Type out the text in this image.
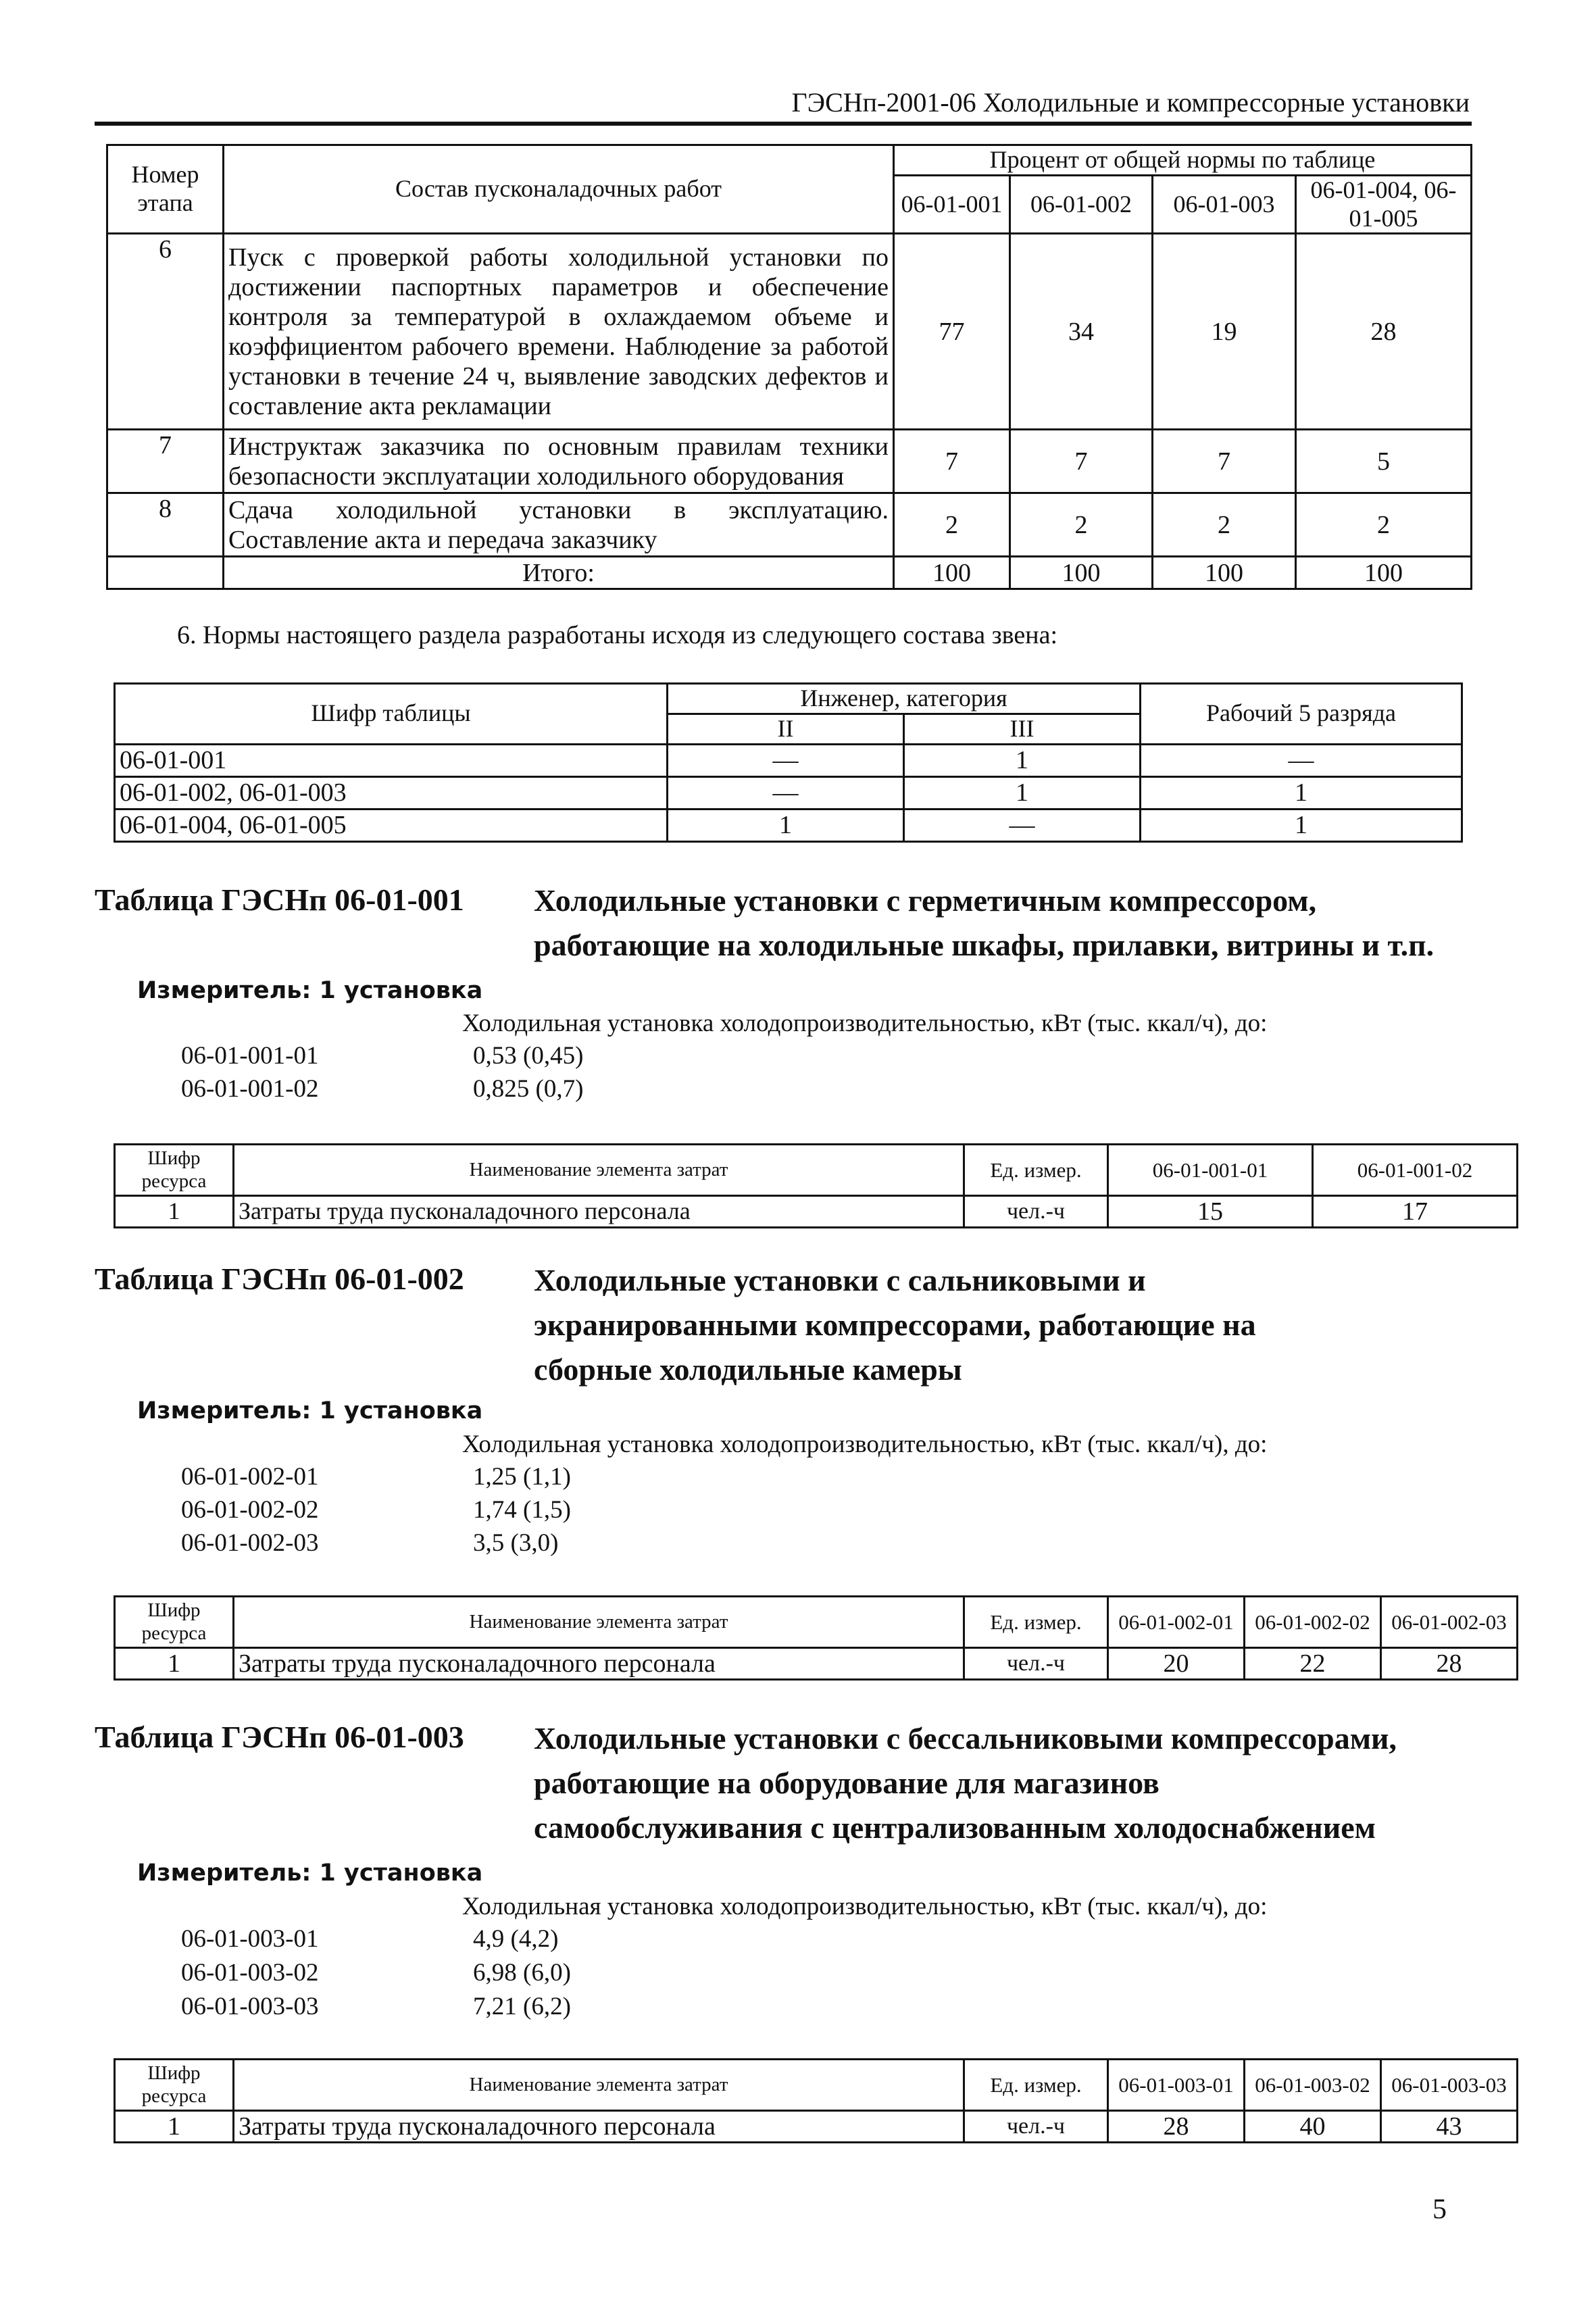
ГЭСНп-2001-06 Холодильные и компрессорные установки
Номер этапа	Состав пусконаладочных работ	Процент от общей нормы по таблице			
		06-01-001	06-01-002	06-01-003	06-01-004, 06-01-005
6	Пуск с проверкой работы холодильной установки по достижении паспортных параметров и обеспечение контроля за температурой в охлаждаемом объеме и коэффициентом рабочего времени. Наблюдение за работой установки в течение 24 ч, выявление заводских дефектов и составление акта рекламации	77	34	19	28
7	Инструктаж заказчика по основным правилам техники безопасности эксплуатации холодильного оборудования	7	7	7	5
8	Сдача холодильной установки в эксплуатацию. Составление акта и передача заказчику	2	2	2	2
	Итого:	100	100	100	100
6. Нормы настоящего раздела разработаны исходя из следующего состава звена:
Шифр таблицы	Инженер, категория		Рабочий 5 разряда
	II	III	
06-01-001	—	1	—
06-01-002, 06-01-003	—	1	1
06-01-004, 06-01-005	1	—	1
Таблица ГЭСНп 06-01-001 Холодильные установки с герметичным компрессором, работающие на холодильные шкафы, прилавки, витрины и т.п.
Измеритель: 1 установка
Холодильная установка холодопроизводительностью, кВт (тыс. ккал/ч), до:
06-01-001-01	0,53 (0,45)
06-01-001-02	0,825 (0,7)
Шифр ресурса	Наименование элемента затрат	Ед. измер.	06-01-001-01	06-01-001-02
1	Затраты труда пусконаладочного персонала	чел.-ч	15	17
Таблица ГЭСНп 06-01-002 Холодильные установки с сальниковыми и экранированными компрессорами, работающие на сборные холодильные камеры
Измеритель: 1 установка
Холодильная установка холодопроизводительностью, кВт (тыс. ккал/ч), до:
06-01-002-01	1,25 (1,1)
06-01-002-02	1,74 (1,5)
06-01-002-03	3,5 (3,0)
Шифр ресурса	Наименование элемента затрат	Ед. измер.	06-01-002-01	06-01-002-02	06-01-002-03
1	Затраты труда пусконаладочного персонала	чел.-ч	20	22	28
Таблица ГЭСНп 06-01-003 Холодильные установки с бессальниковыми компрессорами, работающие на оборудование для магазинов самообслуживания с централизованным холодоснабжением
Измеритель: 1 установка
Холодильная установка холодопроизводительностью, кВт (тыс. ккал/ч), до:
06-01-003-01	4,9 (4,2)
06-01-003-02	6,98 (6,0)
06-01-003-03	7,21 (6,2)
Шифр ресурса	Наименование элемента затрат	Ед. измер.	06-01-003-01	06-01-003-02	06-01-003-03
1	Затраты труда пусконаладочного персонала	чел.-ч	28	40	43
5
